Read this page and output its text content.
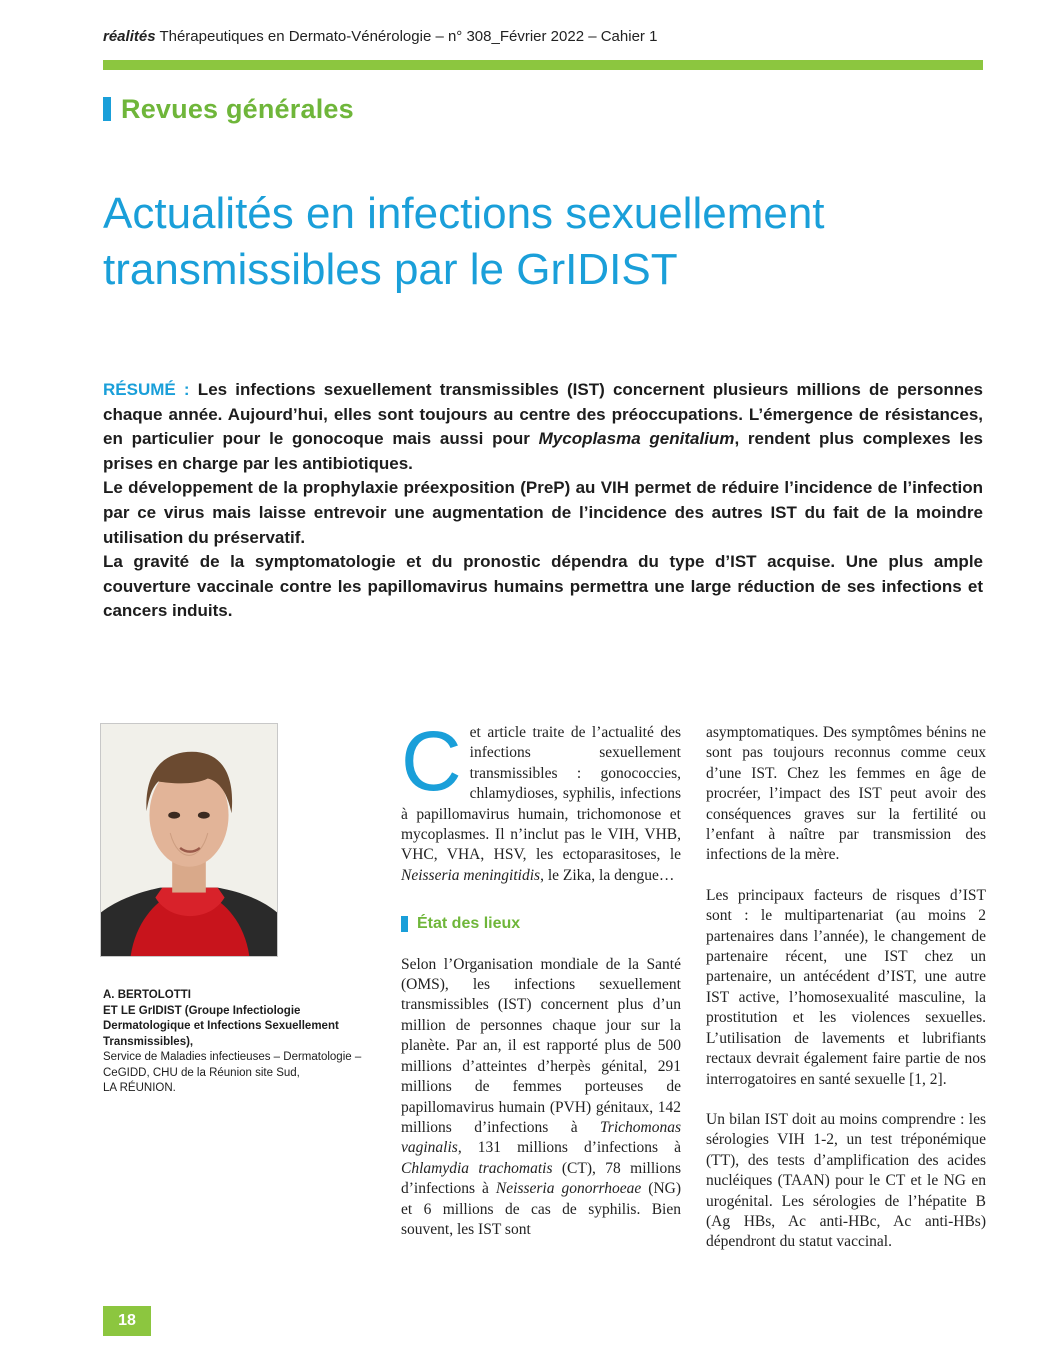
réalités Thérapeutiques en Dermato-Vénérologie – n° 308_Février 2022 – Cahier 1
Revues générales
Actualités en infections sexuellement
transmissibles par le GrIDIST

RÉSUMÉ : Les infections sexuellement transmissibles (IST) concernent plusieurs millions de personnes chaque année. Aujourd’hui, elles sont toujours au centre des préoccupations. L’émergence de résistances, en particulier pour le gonocoque mais aussi pour Mycoplasma genitalium, rendent plus complexes les prises en charge par les antibiotiques.

Le développement de la prophylaxie préexposition (PreP) au VIH permet de réduire l’incidence de l’infection par ce virus mais laisse entrevoir une augmentation de l’incidence des autres IST du fait de la moindre utilisation du préservatif.

La gravité de la symptomatologie et du pronostic dépendra du type d’IST acquise. Une plus ample couverture vaccinale contre les papillomavirus humains permettra une large réduction de ses infections et cancers induits.

A. BERTOLOTTI
ET LE GrIDIST (Groupe Infectiologie Dermatologique et Infections Sexuellement Transmissibles),
Service de Maladies infectieuses – Dermatologie – CeGIDD, CHU de la Réunion site Sud,
LA RÉUNION.

Cet article traite de l’actualité des infections sexuellement transmissibles : gonococcies, chlamydioses, syphilis, infections à papillomavirus humain, trichomonose et mycoplasmes. Il n’inclut pas le VIH, VHB, VHC, VHA, HSV, les ectoparasitoses, le Neisseria meningitidis, le Zika, la dengue…

État des lieux

Selon l’Organisation mondiale de la Santé (OMS), les infections sexuellement transmissibles (IST) concernent plus d’un million de personnes chaque jour sur la planète. Par an, il est rapporté plus de 500 millions d’atteintes d’herpès génital, 291 millions de femmes porteuses de papillomavirus humain (PVH) génitaux, 142 millions d’infections à Trichomonas vaginalis, 131 millions d’infections à Chlamydia trachomatis (CT), 78 millions d’infections à Neisseria gonorrhoeae (NG) et 6 millions de cas de syphilis. Bien souvent, les IST sont

asymptomatiques. Des symptômes bénins ne sont pas toujours reconnus comme ceux d’une IST. Chez les femmes en âge de procréer, l’impact des IST peut avoir des conséquences graves sur la fertilité ou l’enfant à naître par transmission des infections de la mère.

Les principaux facteurs de risques d’IST sont : le multipartenariat (au moins 2 partenaires dans l’année), le changement de partenaire récent, une IST chez un partenaire, un antécédent d’IST, une autre IST active, l’homosexualité masculine, la prostitution et les violences sexuelles. L’utilisation de lavements et lubrifiants rectaux devrait également faire partie de nos interrogatoires en santé sexuelle [1, 2].

Un bilan IST doit au moins comprendre : les sérologies VIH 1-2, un test tréponémique (TT), des tests d’amplification des acides nucléiques (TAAN) pour le CT et le NG en urogénital. Les sérologies de l’hépatite B (Ag HBs, Ac anti-HBc, Ac anti-HBs) dépendront du statut vaccinal.

18
